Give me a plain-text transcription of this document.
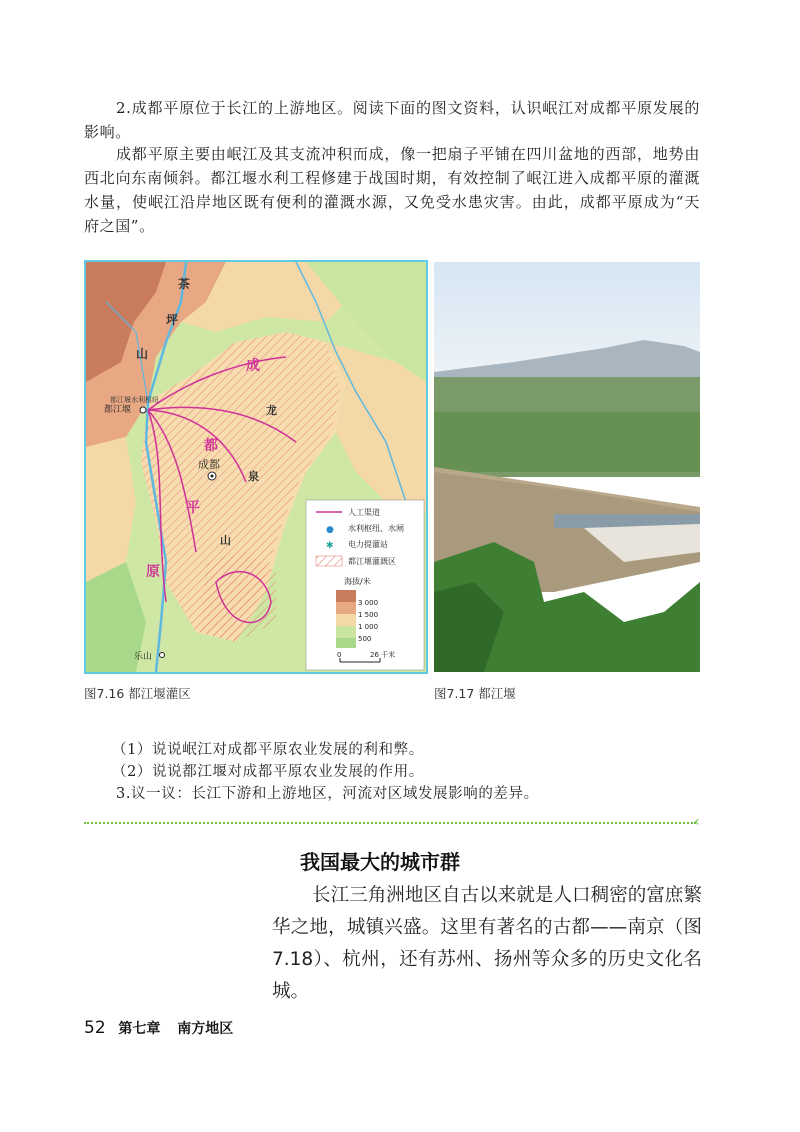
2.成都平原位于长江的上游地区。阅读下面的图文资料，认识岷江对成都平原发展的影响。
成都平原主要由岷江及其支流冲积而成，像一把扇子平铺在四川盆地的西部，地势由西北向东南倾斜。都江堰水利工程修建于战国时期，有效控制了岷江进入成都平原的灌溉水量，使岷江沿岸地区既有便利的灌溉水源，又免受水患灾害。由此，成都平原成为“天府之国”。
茶
坪
山
都江堰水利枢纽
都江堰
成
都
平
原
成都
龙
泉
山
乐山
人工渠道
● 水利枢纽、水闸
✱ 电力提灌站
都江堰灌溉区
海拔/米
3 000
1 500
1 000
500
0	26 千米
图7.16 都江堰灌区	图7.17 都江堰
（1）说说岷江对成都平原农业发展的利和弊。
（2）说说都江堰对成都平原农业发展的作用。
3.议一议：长江下游和上游地区，河流对区域发展影响的差异。
‹
我国最大的城市群
长江三角洲地区自古以来就是人口稠密的富庶繁华之地，城镇兴盛。这里有著名的古都——南京（图7.18）、杭州，还有苏州、扬州等众多的历史文化名城。
52 第七章 南方地区
